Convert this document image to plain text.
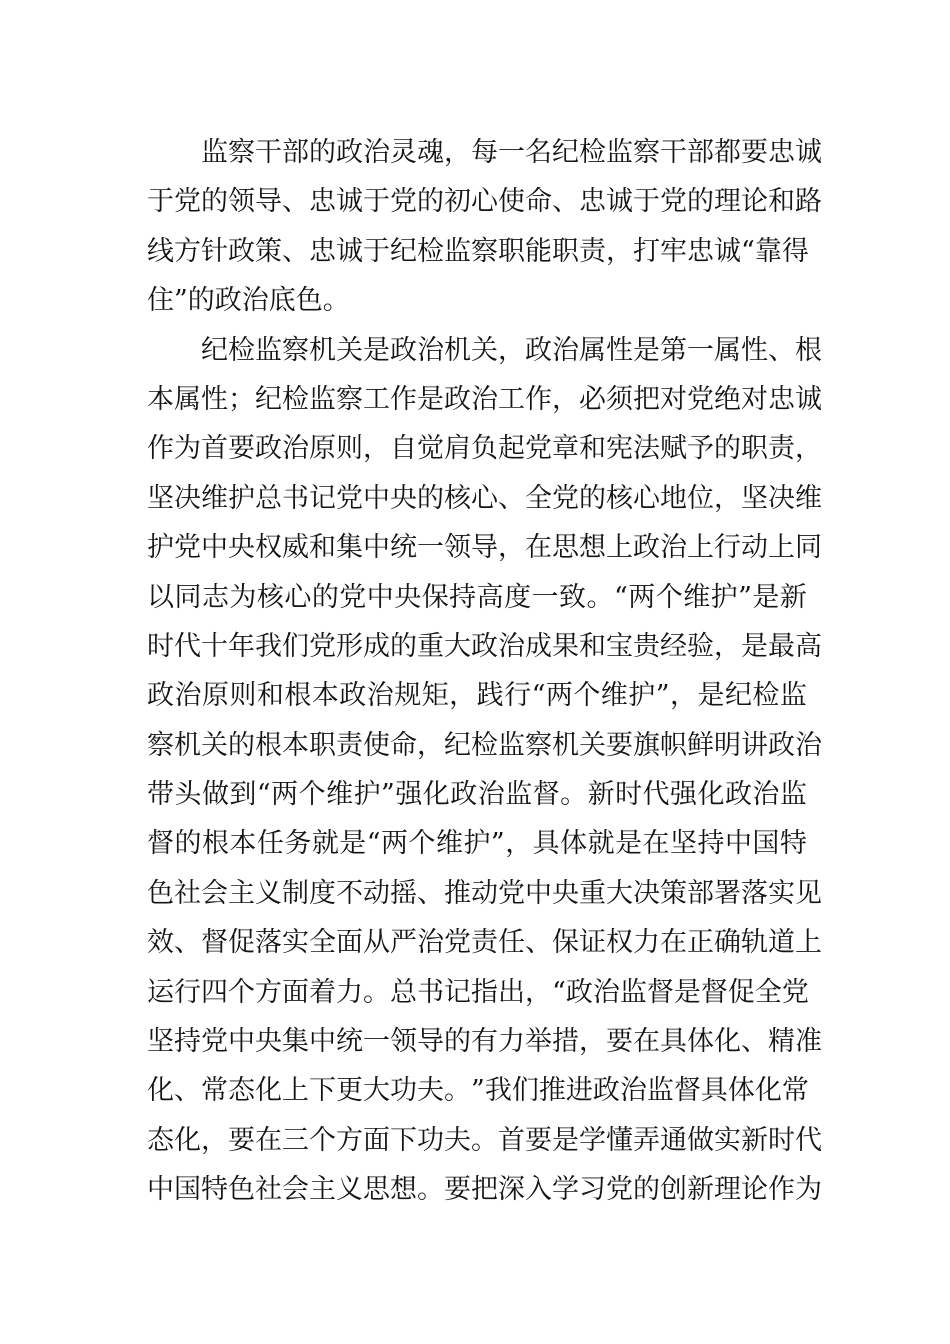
监 察 干 部 的 政 治 灵 魂 ， 每 一 名 纪 检 监 察 干 部 都 要 忠 诚
于 党 的 领 导 、 忠 诚 于 党 的 初 心 使 命 、 忠 诚 于 党 的 理 论 和 路
线 方 针 政 策 、 忠 诚 于 纪 检 监 察 职 能 职 责 ， 打 牢 忠 诚 “ 靠 得
住”的政治底色。
纪 检 监 察 机 关 是 政 治 机 关 ， 政 治 属 性 是 第 一 属 性 、 根
本 属 性 ； 纪 检 监 察 工 作 是 政 治 工 作 ， 必 须 把 对 党 绝 对 忠 诚
作 为 首 要 政 治 原 则 ， 自 觉 肩 负 起 党 章 和 宪 法 赋 予 的 职 责 ，
坚 决 维 护 总 书 记 党 中 央 的 核 心 、 全 党 的 核 心 地 位 ， 坚 决 维
护 党 中 央 权 威 和 集 中 统 一 领 导 ， 在 思 想 上 政 治 上 行 动 上 同
以 同 志 为 核 心 的 党 中 央 保 持 高 度 一 致 。 “ 两 个 维 护 ” 是 新
时 代 十 年 我 们 党 形 成 的 重 大 政 治 成 果 和 宝 贵 经 验 ， 是 最 高
政 治 原 则 和 根 本 政 治 规 矩 ， 践 行 “ 两 个 维 护 ” ， 是 纪 检 监
察 机 关 的 根 本 职 责 使 命 ， 纪 检 监 察 机 关 要 旗 帜 鲜 明 讲 政 治
带 头 做 到 “ 两 个 维 护 ” 强 化 政 治 监 督 。 新 时 代 强 化 政 治 监
督 的 根 本 任 务 就 是 “ 两 个 维 护 ” ， 具 体 就 是 在 坚 持 中 国 特
色 社 会 主 义 制 度 不 动 摇 、 推 动 党 中 央 重 大 决 策 部 署 落 实 见
效 、 督 促 落 实 全 面 从 严 治 党 责 任 、 保 证 权 力 在 正 确 轨 道 上
运 行 四 个 方 面 着 力 。 总 书 记 指 出 ， “ 政 治 监 督 是 督 促 全 党
坚 持 党 中 央 集 中 统 一 领 导 的 有 力 举 措 ， 要 在 具 体 化 、 精 准
化 、 常 态 化 上 下 更 大 功 夫 。 ” 我 们 推 进 政 治 监 督 具 体 化 常
态 化 ， 要 在 三 个 方 面 下 功 夫 。 首 要 是 学 懂 弄 通 做 实 新 时 代
中 国 特 色 社 会 主 义 思 想 。 要 把 深 入 学 习 党 的 创 新 理 论 作 为
